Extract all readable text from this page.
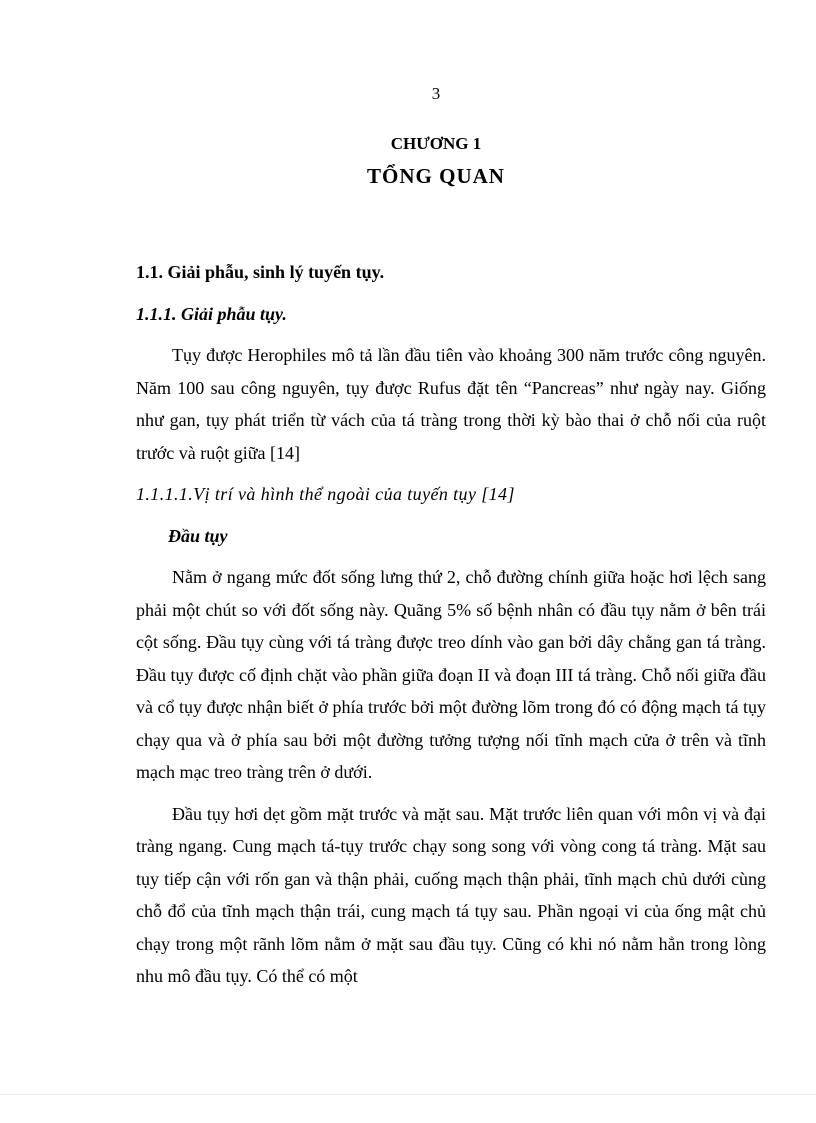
3
CHƯƠNG 1
TỔNG QUAN
1.1. Giải phẫu, sinh lý tuyến tụy.
1.1.1. Giải phẫu tụy.

Tụy được Herophiles mô tả lần đầu tiên vào khoảng 300 năm trước công nguyên. Năm 100 sau công nguyên, tụy được Rufus đặt tên “Pancreas” như ngày nay. Giống như gan, tụy phát triển từ vách của tá tràng trong thời kỳ bào thai ở chỗ nối của ruột trước và ruột giữa [14]

1.1.1.1.Vị trí và hình thể ngoài của tuyến tụy [14]
Đầu tụy

Nằm ở ngang mức đốt sống lưng thứ 2, chỗ đường chính giữa hoặc hơi lệch sang phải một chút so với đốt sống này. Quãng 5% số bệnh nhân có đầu tụy nằm ở bên trái cột sống. Đầu tụy cùng với tá tràng được treo dính vào gan bởi dây chằng gan tá tràng. Đầu tụy được cố định chặt vào phần giữa đoạn II và đoạn III tá tràng. Chỗ nối giữa đầu và cổ tụy được nhận biết ở phía trước bởi một đường lõm trong đó có động mạch tá tụy chạy qua và ở phía sau bởi một đường tưởng tượng nối tĩnh mạch cửa ở trên và tĩnh mạch mạc treo tràng trên ở dưới.

Đầu tụy hơi dẹt gồm mặt trước và mặt sau. Mặt trước liên quan với môn vị và đại tràng ngang. Cung mạch tá-tụy trước chạy song song với vòng cong tá tràng. Mặt sau tụy tiếp cận với rốn gan và thận phải, cuống mạch thận phải, tĩnh mạch chủ dưới cùng chỗ đổ của tĩnh mạch thận trái, cung mạch tá tụy sau. Phần ngoại vi của ống mật chủ chạy trong một rãnh lõm nằm ở mặt sau đầu tụy. Cũng có khi nó nằm hẳn trong lòng nhu mô đầu tụy. Có thể có một
